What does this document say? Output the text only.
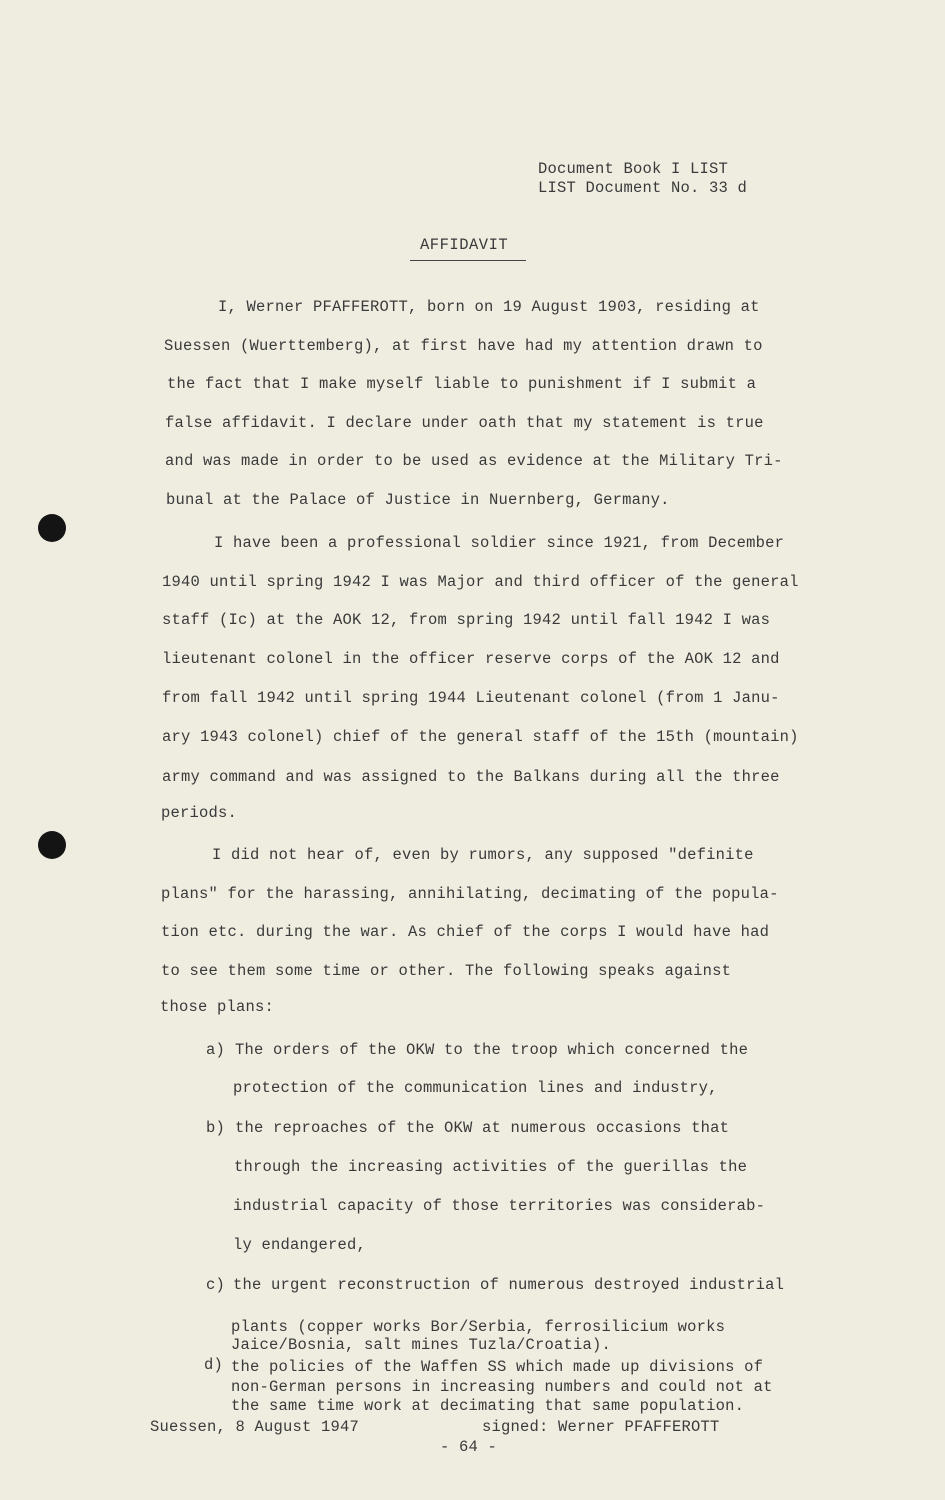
Document Book I LIST
LIST Document No. 33 d
AFFIDAVIT
I, Werner PFAFFEROTT, born on 19 August 1903, residing at
Suessen (Wuerttemberg), at first have had my attention drawn to
the fact that I make myself liable to punishment if I submit a
false affidavit. I declare under oath that my statement is true
and was made in order to be used as evidence at the Military Tri-
bunal at the Palace of Justice in Nuernberg, Germany.
I have been a professional soldier since 1921, from December
1940 until spring 1942 I was Major and third officer of the general
staff (Ic) at the AOK 12, from spring 1942 until fall 1942 I was
lieutenant colonel in the officer reserve corps of the AOK 12 and
from fall 1942 until spring 1944 Lieutenant colonel (from 1 Janu-
ary 1943 colonel) chief of the general staff of the 15th (mountain)
army command and was assigned to the Balkans during all the three
periods.
I did not hear of, even by rumors, any supposed "definite
plans" for the harassing, annihilating, decimating of the popula-
tion etc. during the war. As chief of the corps I would have had
to see them some time or other. The following speaks against
those plans:
a) The orders of the OKW to the troop which concerned the
protection of the communication lines and industry,
b) the reproaches of the OKW at numerous occasions that
through the increasing activities of the guerillas the
industrial capacity of those territories was considerab-
ly endangered,
c) the urgent reconstruction of numerous destroyed industrial
plants (copper works Bor/Serbia, ferrosilicium works
Jaice/Bosnia, salt mines Tuzla/Croatia).
d) the policies of the Waffen SS which made up divisions of
non-German persons in increasing numbers and could not at
the same time work at decimating that same population.
Suessen, 8 August 1947	signed: Werner PFAFFEROTT
- 64 -
